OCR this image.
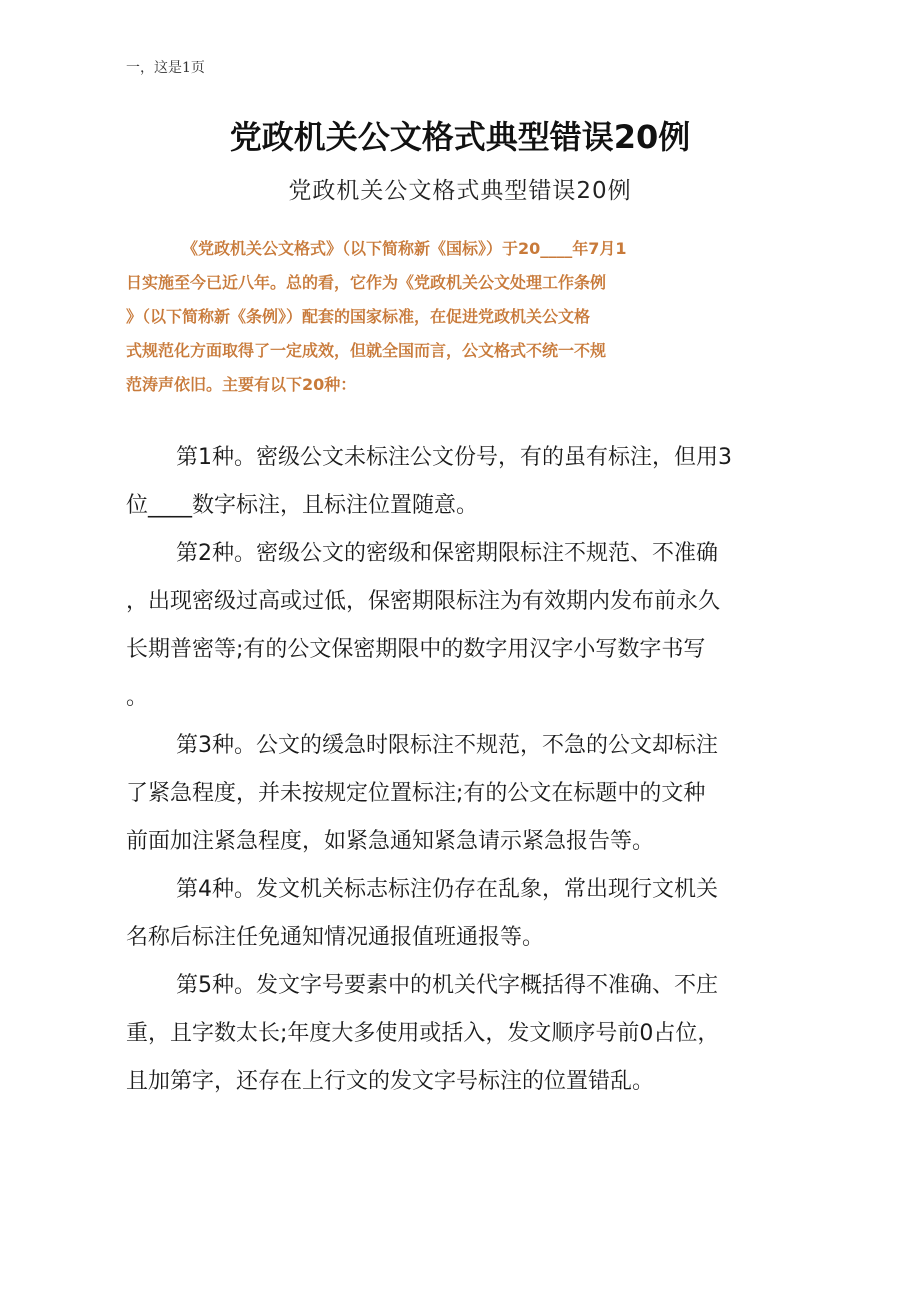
一，这是1页
党政机关公文格式典型错误20例
党政机关公文格式典型错误20例

《党政机关公文格式》（以下简称新《国标》）于20____年7月1
日实施至今已近八年。总的看，它作为《党政机关公文处理工作条例
》（以下简称新《条例》）配套的国家标准，在促进党政机关公文格
式规范化方面取得了一定成效，但就全国而言，公文格式不统一不规
范涛声依旧。主要有以下20种：

第1种。密级公文未标注公文份号，有的虽有标注，但用3
位____数字标注，且标注位置随意。
第2种。密级公文的密级和保密期限标注不规范、不准确
，出现密级过高或过低，保密期限标注为有效期内发布前永久
长期普密等;有的公文保密期限中的数字用汉字小写数字书写
。
第3种。公文的缓急时限标注不规范，不急的公文却标注
了紧急程度，并未按规定位置标注;有的公文在标题中的文种
前面加注紧急程度，如紧急通知紧急请示紧急报告等。
第4种。发文机关标志标注仍存在乱象，常出现行文机关
名称后标注任免通知情况通报值班通报等。
第5种。发文字号要素中的机关代字概括得不准确、不庄
重，且字数太长;年度大多使用或括入，发文顺序号前0占位，
且加第字，还存在上行文的发文字号标注的位置错乱。
